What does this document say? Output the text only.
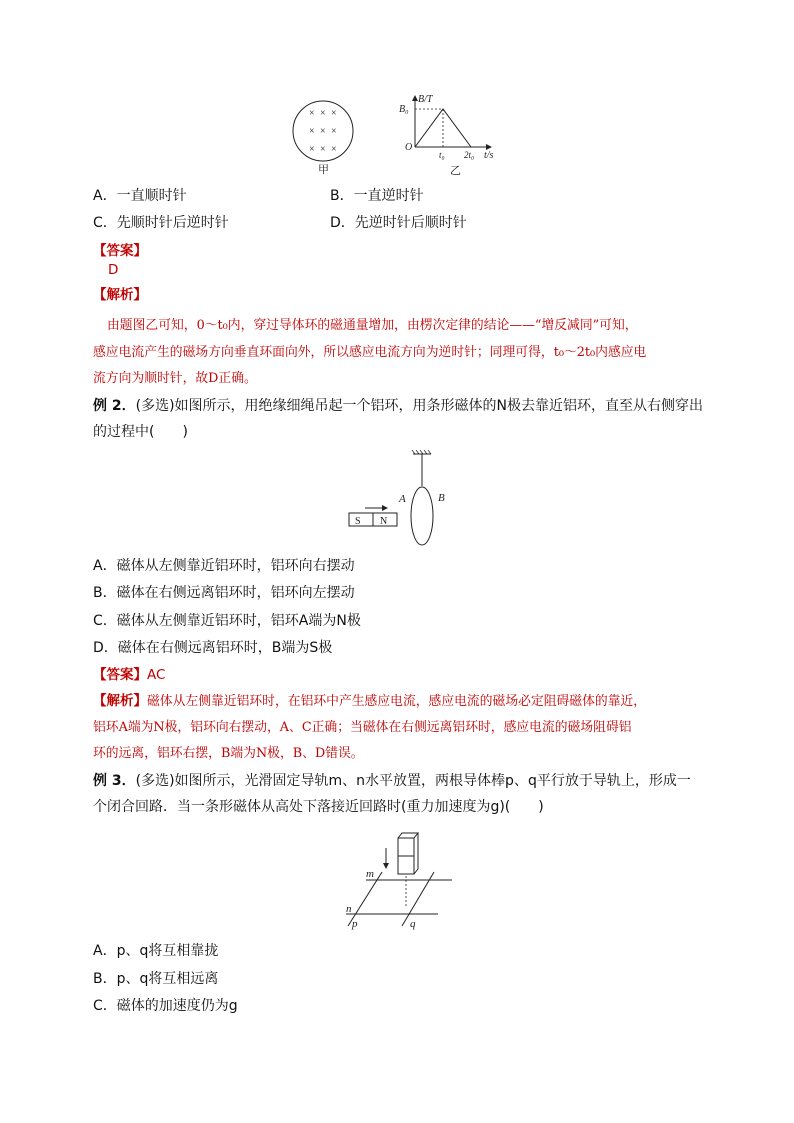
× × ×
× × ×
× × ×
甲
B/T
B₀
O
t₀ 2t₀ t/s
乙
A．一直顺时针	B．一直逆时针
C．先顺时针后逆时针	D．先逆时针后顺时针
【答案】
D
【解析】
由题图乙可知，0～t₀内，穿过导体环的磁通量增加，由楞次定律的结论——“增反减同”可知，
感应电流产生的磁场方向垂直环面向外，所以感应电流方向为逆时针；同理可得，t₀～2t₀内感应电
流方向为顺时针，故D正确。
例 2．(多选)如图所示，用绝缘细绳吊起一个铝环，用条形磁体的N极去靠近铝环，直至从右侧穿出
的过程中(　　)
S N
A	B
A．磁体从左侧靠近铝环时，铝环向右摆动
B．磁体在右侧远离铝环时，铝环向左摆动
C．磁体从左侧靠近铝环时，铝环A端为N极
D．磁体在右侧远离铝环时，B端为S极
【答案】AC
【解析】磁体从左侧靠近铝环时，在铝环中产生感应电流，感应电流的磁场必定阻碍磁体的靠近，
铝环A端为N极，铝环向右摆动，A、C正确；当磁体在右侧远离铝环时，感应电流的磁场阻碍铝
环的远离，铝环右摆，B端为N极，B、D错误。
例 3．(多选)如图所示，光滑固定导轨m、n水平放置，两根导体棒p、q平行放于导轨上，形成一
个闭合回路．当一条形磁体从高处下落接近回路时(重力加速度为g)(　　)
m
n
p	q
A．p、q将互相靠拢
B．p、q将互相远离
C．磁体的加速度仍为g
